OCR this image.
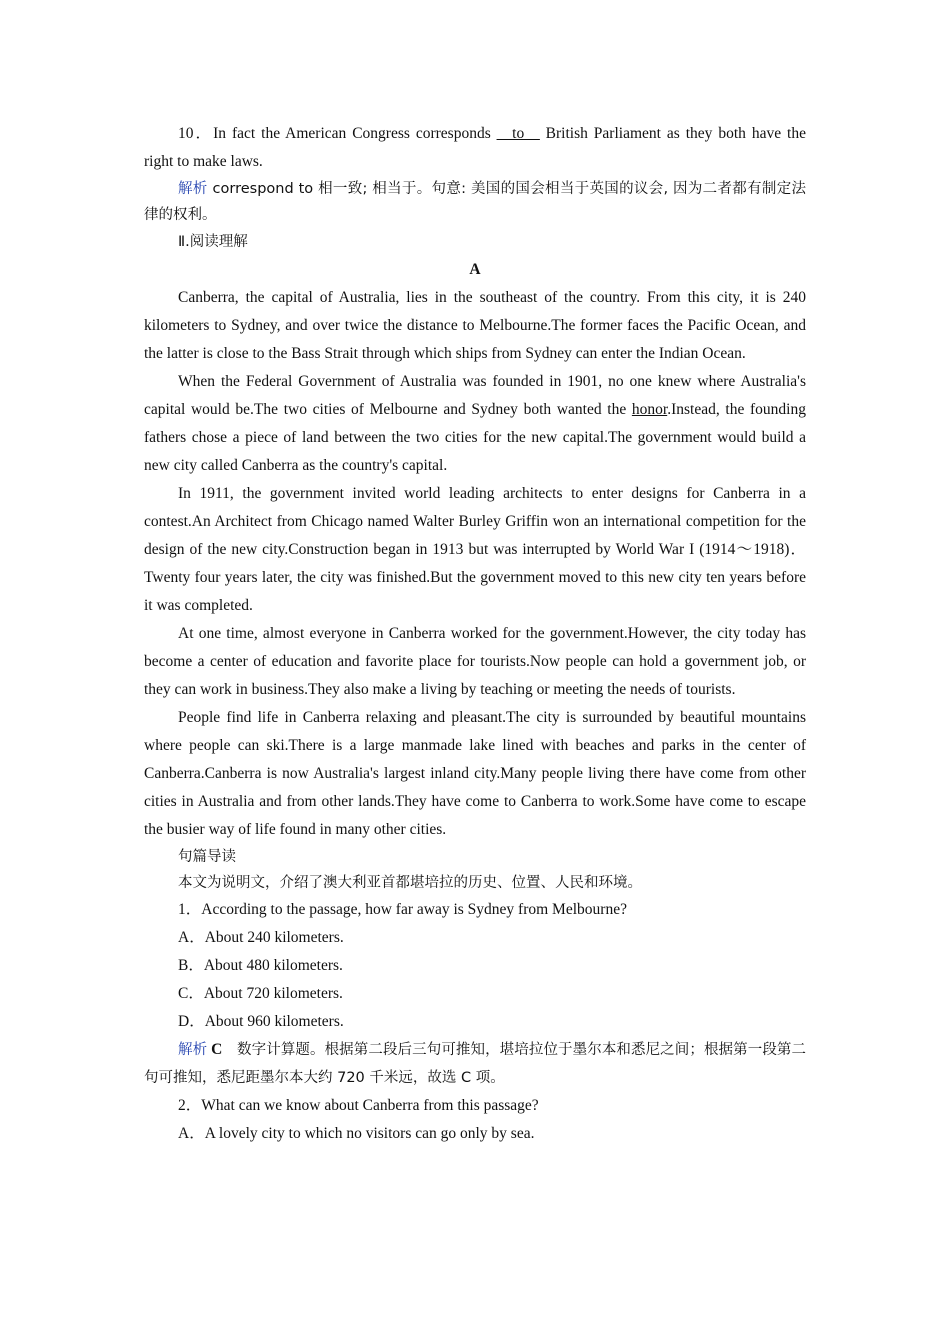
10．In fact the American Congress corresponds __to__ British Parliament as they both have the right to make laws.

解析 correspond to 相一致; 相当于。句意: 美国的国会相当于英国的议会, 因为二者都有制定法律的权利。

Ⅱ.阅读理解

A

Canberra, the capital of Australia, lies in the southeast of the country. From this city, it is 240 kilometers to Sydney, and over twice the distance to Melbourne.The former faces the Pacific Ocean, and the latter is close to the Bass Strait through which ships from Sydney can enter the Indian Ocean.

When the Federal Government of Australia was founded in 1901, no one knew where Australia's capital would be.The two cities of Melbourne and Sydney both wanted the honor.Instead, the founding fathers chose a piece of land between the two cities for the new capital.The government would build a new city called Canberra as the country's capital.

In 1911, the government invited world leading architects to enter designs for Canberra in a contest.An Architect from Chicago named Walter Burley Griffin won an international competition for the design of the new city.Construction began in 1913 but was interrupted by World War I (1914～1918)． Twenty four years later, the city was finished.But the government moved to this new city ten years before it was completed.

At one time, almost everyone in Canberra worked for the government.However, the city today has become a center of education and favorite place for tourists.Now people can hold a government job, or they can work in business.They also make a living by teaching or meeting the needs of tourists.

People find life in Canberra relaxing and pleasant.The city is surrounded by beautiful mountains where people can ski.There is a large manmade lake lined with beaches and parks in the center of Canberra.Canberra is now Australia's largest inland city.Many people living there have come from other cities in Australia and from other lands.They have come to Canberra to work.Some have come to escape the busier way of life found in many other cities.

句篇导读

本文为说明文，介绍了澳大利亚首都堪培拉的历史、位置、人民和环境。

1．According to the passage, how far away is Sydney from Melbourne?

A．About 240 kilometers.

B．About 480 kilometers.

C．About 720 kilometers.

D．About 960 kilometers.

解析 C　数字计算题。根据第二段后三句可推知，堪培拉位于墨尔本和悉尼之间；根据第一段第二句可推知，悉尼距墨尔本大约 720 千米远，故选 C 项。

2．What can we know about Canberra from this passage?

A．A lovely city to which no visitors can go only by sea.
